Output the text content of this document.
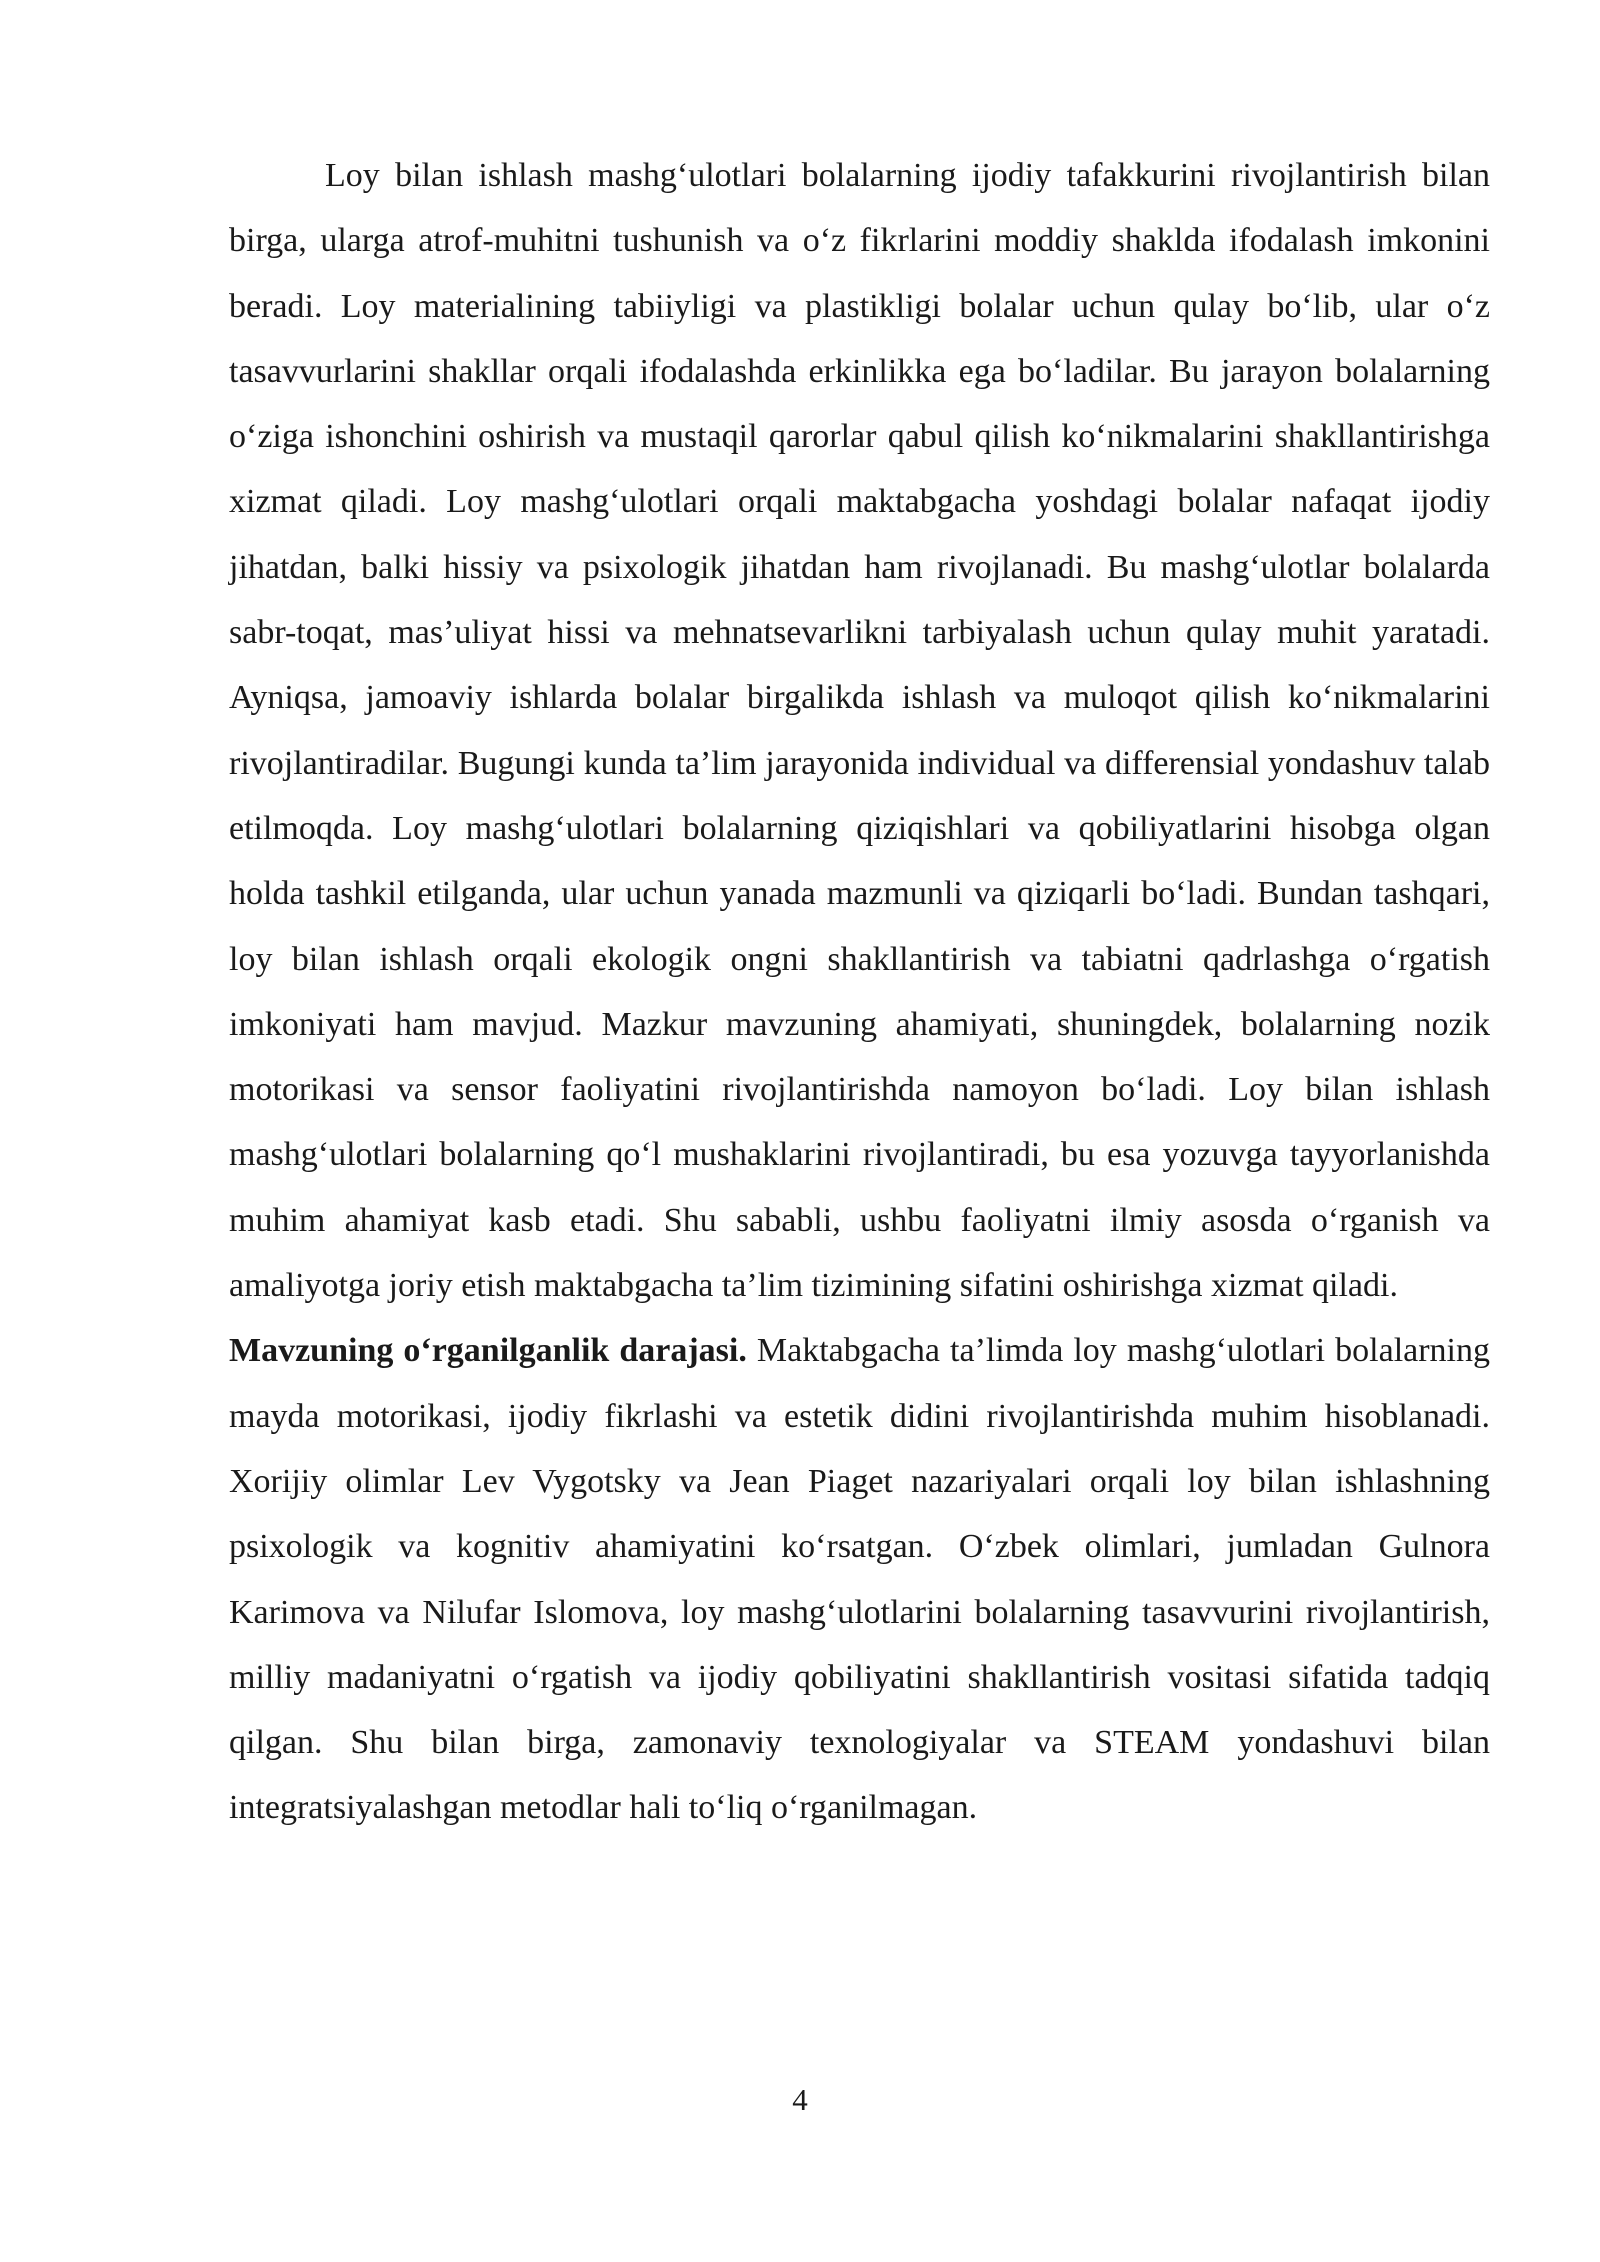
Loy bilan ishlash mashg‘ulotlari bolalarning ijodiy tafakkurini rivojlantirish bilan birga, ularga atrof-muhitni tushunish va o‘z fikrlarini moddiy shaklda ifodalash imkonini beradi. Loy materialining tabiiyligi va plastikligi bolalar uchun qulay bo‘lib, ular o‘z tasavvurlarini shakllar orqali ifodalashda erkinlikka ega bo‘ladilar. Bu jarayon bolalarning o‘ziga ishonchini oshirish va mustaqil qarorlar qabul qilish ko‘nikmalarini shakllantirishga xizmat qiladi. Loy mashg‘ulotlari orqali maktabgacha yoshdagi bolalar nafaqat ijodiy jihatdan, balki hissiy va psixologik jihatdan ham rivojlanadi. Bu mashg‘ulotlar bolalarda sabr-toqat, mas’uliyat hissi va mehnatsevarlikni tarbiyalash uchun qulay muhit yaratadi. Ayniqsa, jamoaviy ishlarda bolalar birgalikda ishlash va muloqot qilish ko‘nikmalarini rivojlantiradilar. Bugungi kunda ta’lim jarayonida individual va differensial yondashuv talab etilmoqda. Loy mashg‘ulotlari bolalarning qiziqishlari va qobiliyatlarini hisobga olgan holda tashkil etilganda, ular uchun yanada mazmunli va qiziqarli bo‘ladi. Bundan tashqari, loy bilan ishlash orqali ekologik ongni shakllantirish va tabiatni qadrlashga o‘rgatish imkoniyati ham mavjud. Mazkur mavzuning ahamiyati, shuningdek, bolalarning nozik motorikasi va sensor faoliyatini rivojlantirishda namoyon bo‘ladi. Loy bilan ishlash mashg‘ulotlari bolalarning qo‘l mushaklarini rivojlantiradi, bu esa yozuvga tayyorlanishda muhim ahamiyat kasb etadi. Shu sababli, ushbu faoliyatni ilmiy asosda o‘rganish va amaliyotga joriy etish maktabgacha ta’lim tizimining sifatini oshirishga xizmat qiladi.

Mavzuning o‘rganilganlik darajasi. Maktabgacha ta’limda loy mashg‘ulotlari bolalarning mayda motorikasi, ijodiy fikrlashi va estetik didini rivojlantirishda muhim hisoblanadi. Xorijiy olimlar Lev Vygotsky va Jean Piaget nazariyalari orqali loy bilan ishlashning psixologik va kognitiv ahamiyatini ko‘rsatgan. O‘zbek olimlari, jumladan Gulnora Karimova va Nilufar Islomova, loy mashg‘ulotlarini bolalarning tasavvurini rivojlantirish, milliy madaniyatni o‘rgatish va ijodiy qobiliyatini shakllantirish vositasi sifatida tadqiq qilgan. Shu bilan birga, zamonaviy texnologiyalar va STEAM yondashuvi bilan integratsiyalashgan metodlar hali to‘liq o‘rganilmagan.

4
